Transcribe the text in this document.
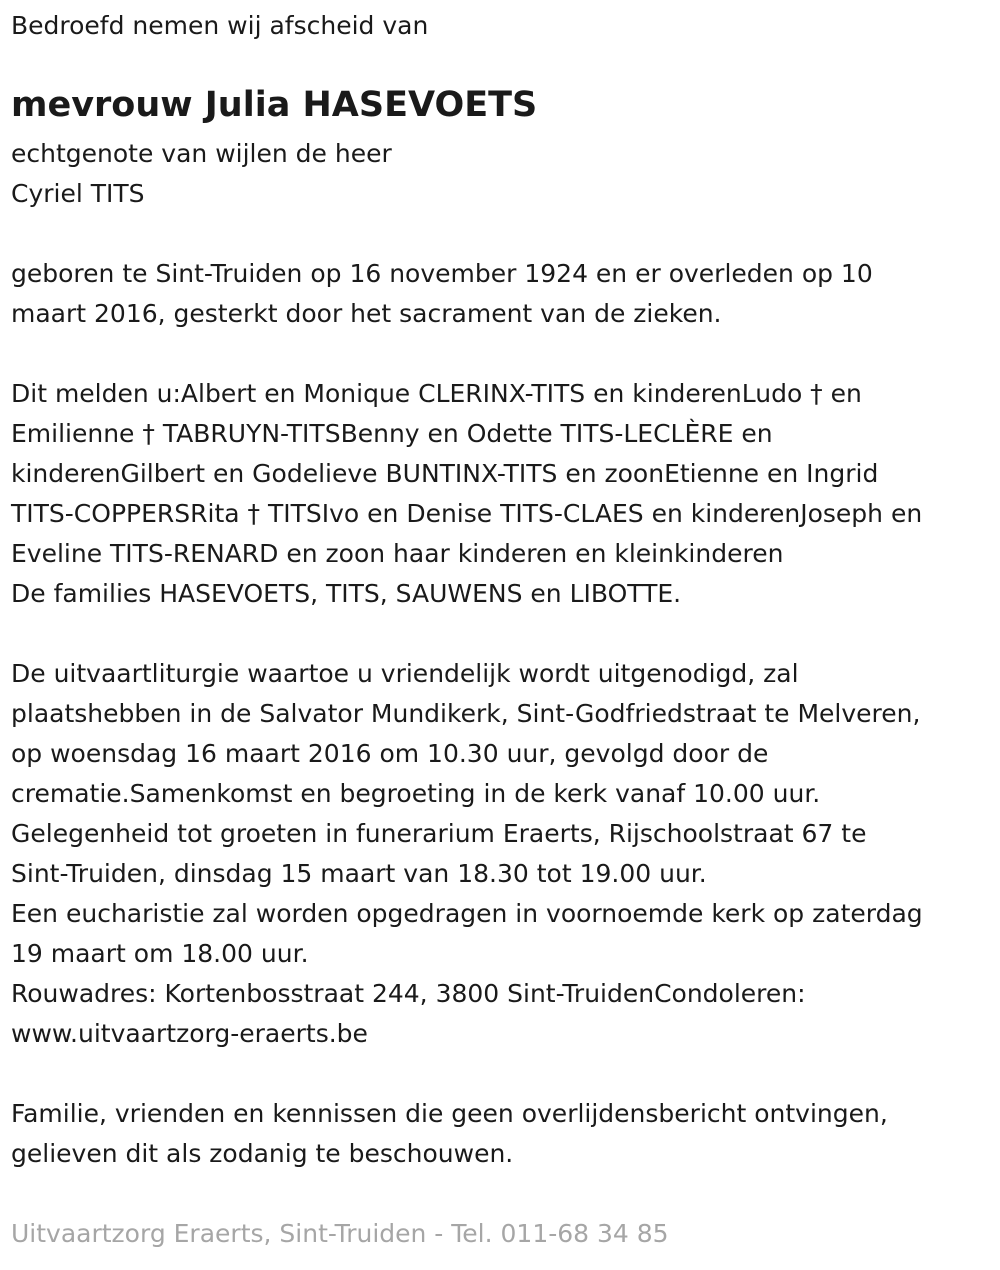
Bedroefd nemen wij afscheid van

mevrouw Julia HASEVOETS

echtgenote van wijlen de heer

Cyriel TITS

geboren te Sint-Truiden op 16 november 1924 en er overleden op 10

maart 2016, gesterkt door het sacrament van de zieken.

Dit melden u:Albert en Monique CLERINX-TITS en kinderenLudo † en

Emilienne † TABRUYN-TITSBenny en Odette TITS-LECLÈRE en

kinderenGilbert en Godelieve BUNTINX-TITS en zoonEtienne en Ingrid

TITS-COPPERSRita † TITSIvo en Denise TITS-CLAES en kinderenJoseph en

Eveline TITS-RENARD en zoon haar kinderen en kleinkinderen

De families HASEVOETS, TITS, SAUWENS en LIBOTTE.

De uitvaartliturgie waartoe u vriendelijk wordt uitgenodigd, zal

plaatshebben in de Salvator Mundikerk, Sint-Godfriedstraat te Melveren,

op woensdag 16 maart 2016 om 10.30 uur, gevolgd door de

crematie.Samenkomst en begroeting in de kerk vanaf 10.00 uur.

Gelegenheid tot groeten in funerarium Eraerts, Rijschoolstraat 67 te

Sint-Truiden, dinsdag 15 maart van 18.30 tot 19.00 uur.

Een eucharistie zal worden opgedragen in voornoemde kerk op zaterdag

19 maart om 18.00 uur.

Rouwadres: Kortenbosstraat 244, 3800 Sint-TruidenCondoleren:

www.uitvaartzorg-eraerts.be

Familie, vrienden en kennissen die geen overlijdensbericht ontvingen,

gelieven dit als zodanig te beschouwen.

Uitvaartzorg Eraerts, Sint-Truiden - Tel. 011-68 34 85
